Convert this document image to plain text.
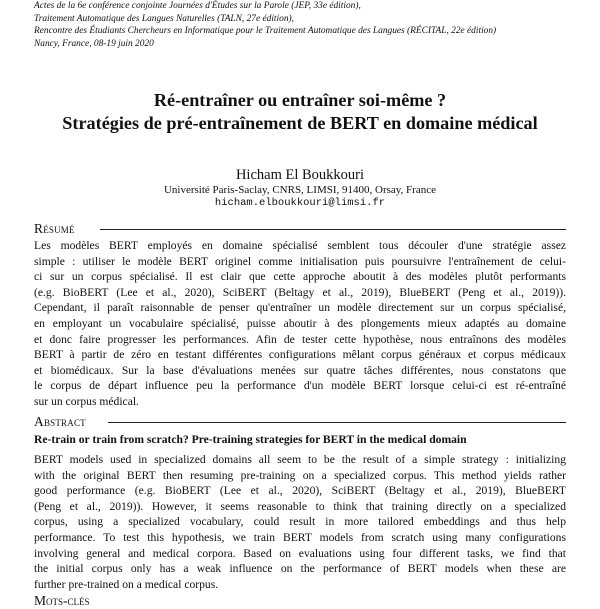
Actes de la 6e conférence conjointe Journées d'Études sur la Parole (JEP, 33e édition),
Traitement Automatique des Langues Naturelles (TALN, 27e édition),
Rencontre des Étudiants Chercheurs en Informatique pour le Traitement Automatique des Langues (RÉCITAL, 22e édition)
Nancy, France, 08-19 juin 2020
Ré-entraîner ou entraîner soi-même ?
Stratégies de pré-entraînement de BERT en domaine médical
Hicham El Boukkouri
Université Paris-Saclay, CNRS, LIMSI, 91400, Orsay, France
hicham.elboukkouri@limsi.fr
Résumé
Les modèles BERT employés en domaine spécialisé semblent tous découler d'une stratégie assez
simple : utiliser le modèle BERT originel comme initialisation puis poursuivre l'entraînement de celui-
ci sur un corpus spécialisé. Il est clair que cette approche aboutit à des modèles plutôt performants
(e.g. BioBERT (Lee et al., 2020), SciBERT (Beltagy et al., 2019), BlueBERT (Peng et al., 2019)).
Cependant, il paraît raisonnable de penser qu'entraîner un modèle directement sur un corpus spécialisé,
en employant un vocabulaire spécialisé, puisse aboutir à des plongements mieux adaptés au domaine
et donc faire progresser les performances. Afin de tester cette hypothèse, nous entraînons des modèles
BERT à partir de zéro en testant différentes configurations mêlant corpus généraux et corpus médicaux
et biomédicaux. Sur la base d'évaluations menées sur quatre tâches différentes, nous constatons que
le corpus de départ influence peu la performance d'un modèle BERT lorsque celui-ci est ré-entraîné
sur un corpus médical.
Abstract
Re-train or train from scratch? Pre-training strategies for BERT in the medical domain
BERT models used in specialized domains all seem to be the result of a simple strategy : initializing
with the original BERT then resuming pre-training on a specialized corpus. This method yields rather
good performance (e.g. BioBERT (Lee et al., 2020), SciBERT (Beltagy et al., 2019), BlueBERT
(Peng et al., 2019)). However, it seems reasonable to think that training directly on a specialized
corpus, using a specialized vocabulary, could result in more tailored embeddings and thus help
performance. To test this hypothesis, we train BERT models from scratch using many configurations
involving general and medical corpora. Based on evaluations using four different tasks, we find that
the initial corpus only has a weak influence on the performance of BERT models when these are
further pre-trained on a medical corpus.
Mots-clés
